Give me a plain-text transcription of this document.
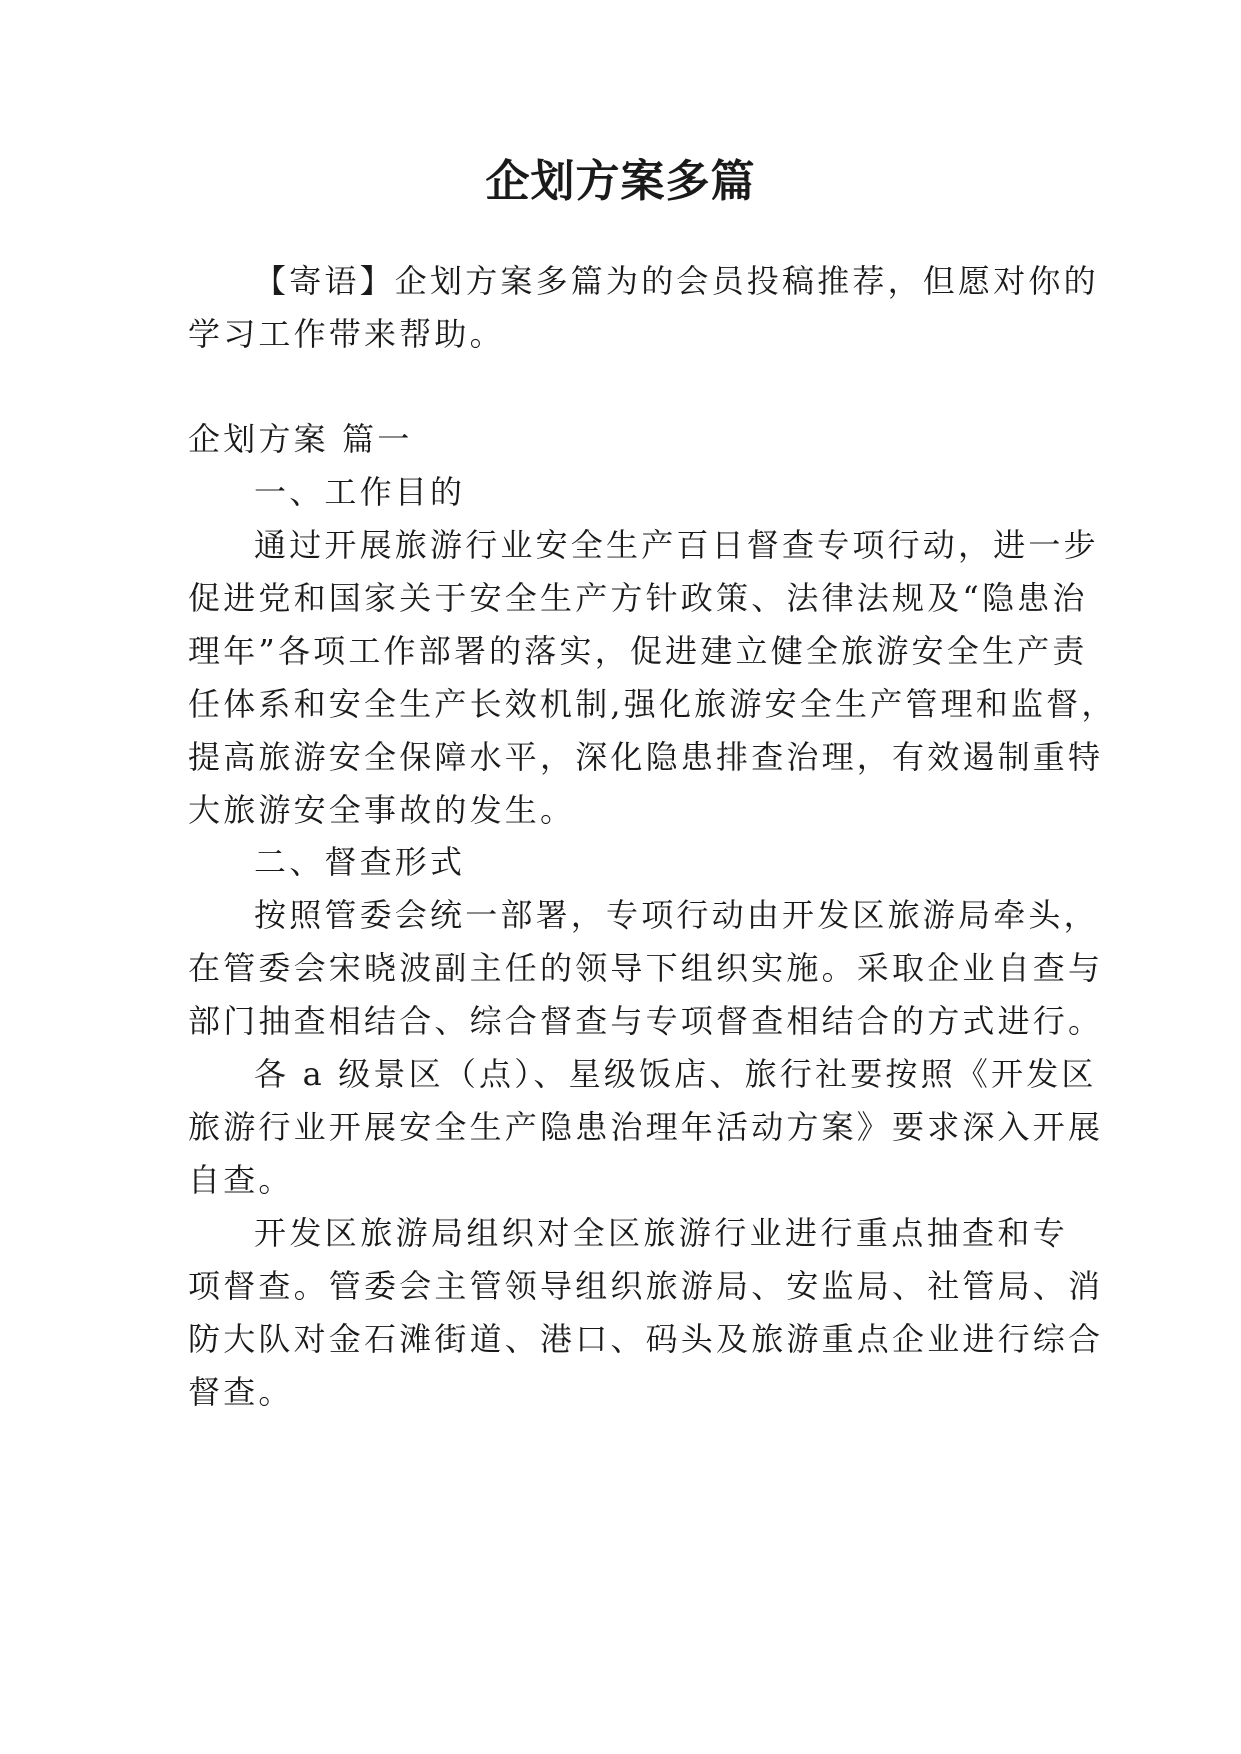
企划方案多篇
【寄语】企划方案多篇为的会员投稿推荐，但愿对你的
学习工作带来帮助。
企划方案 篇一
一、工作目的
通过开展旅游行业安全生产百日督查专项行动，进一步
促进党和国家关于安全生产方针政策、法律法规及“隐患治
理年”各项工作部署的落实，促进建立健全旅游安全生产责
任体系和安全生产长效机制,强化旅游安全生产管理和监督，
提高旅游安全保障水平，深化隐患排查治理，有效遏制重特
大旅游安全事故的发生。
二、督查形式
按照管委会统一部署，专项行动由开发区旅游局牵头，
在管委会宋晓波副主任的领导下组织实施。采取企业自查与
部门抽查相结合、综合督查与专项督查相结合的方式进行。
各 a 级景区（点）、星级饭店、旅行社要按照《开发区
旅游行业开展安全生产隐患治理年活动方案》要求深入开展
自查。
开发区旅游局组织对全区旅游行业进行重点抽查和专
项督查。管委会主管领导组织旅游局、安监局、社管局、消
防大队对金石滩街道、港口、码头及旅游重点企业进行综合
督查。
